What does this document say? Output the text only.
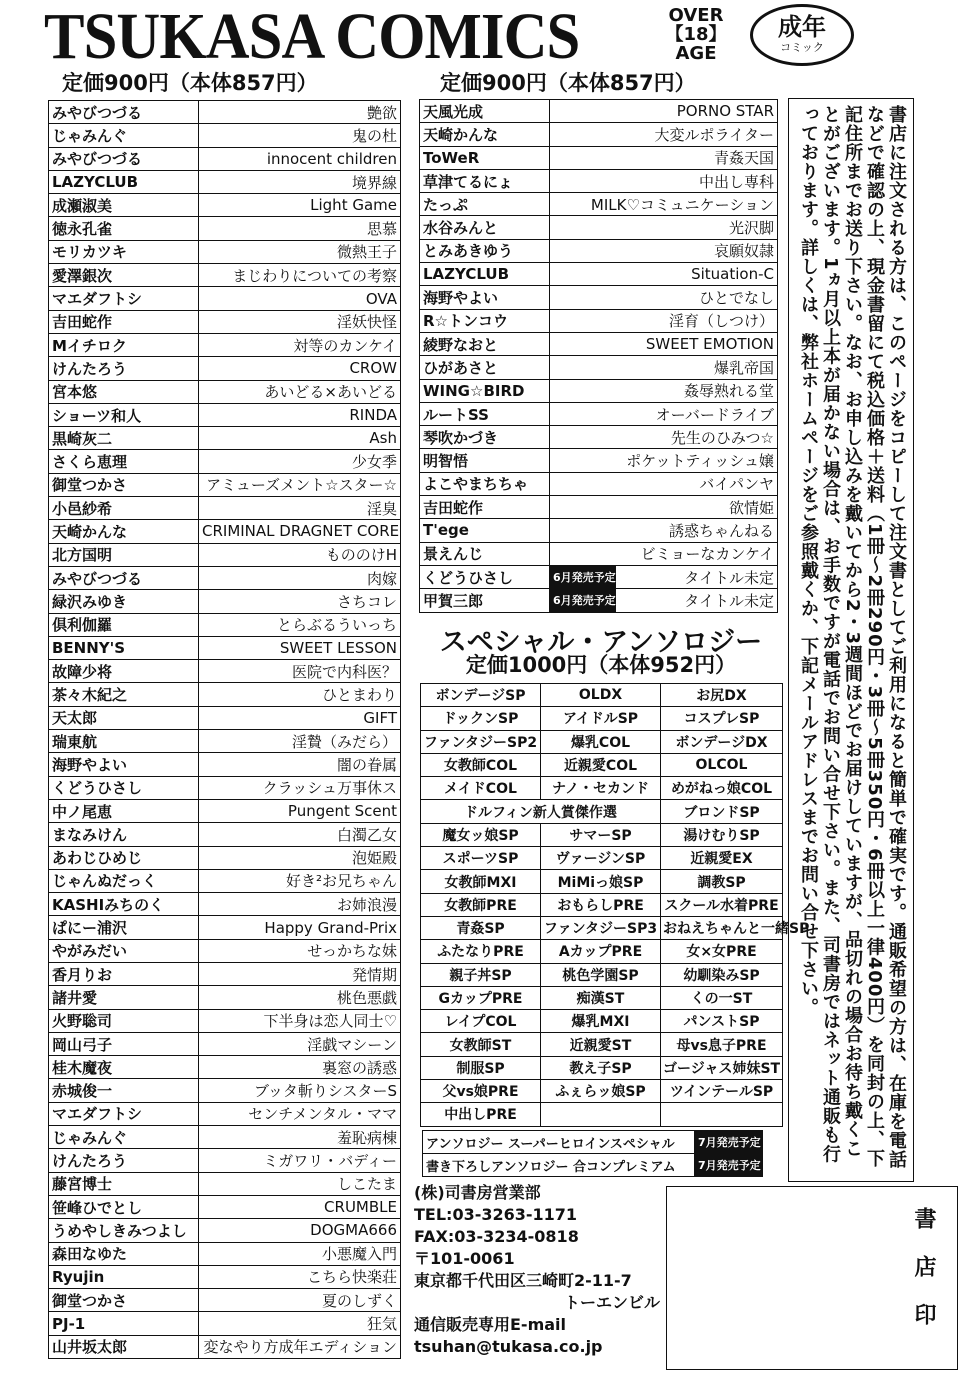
TSUKASA COMICS	OVER
【18】
AGE
成年
コミック
定価900円（本体857円）	定価900円（本体857円）
みやびつづる	艶欲
じゃみんぐ	鬼の杜
みやびつづる	innocent children
LAZYCLUB	境界線
成瀬淑美	Light Game
徳永孔雀	思慕
モリカツキ	微熱王子
愛澤銀次	まじわりについての考察
マエダフトシ	OVA
吉田蛇作	淫妖快怪
Mイチロク	対等のカンケイ
けんたろう	CROW
宮本悠	あいどる×あいどる
ショーツ和人	RINDA
黒崎灰二	Ash
さくら恵理	少女季
御堂つかさ	アミューズメント☆スター☆
小邑紗希	淫臭
天崎かんな	CRIMINAL DRAGNET CORE
北方国明	もののけH
みやびつづる	肉嫁
緑沢みゆき	さちコレ
倶利伽羅	とらぶるういっち
BENNY'S	SWEET LESSON
故障少将	医院で内科医？
茶々木紀之	ひとまわり
天太郎	GIFT
瑞東航	淫贄（みだら）
海野やよい	闇の眷属
くどうひさし	クラッシュ万事休ス
中ノ尾恵	Pungent Scent
まなみけん	白濁乙女
あわじひめじ	泡姫殿
じゃんぬだっく	好き²お兄ちゃん
KASHIみちのく	お姉浪漫
ぱにー浦沢	Happy Grand-Prix
やがみだい	せっかちな妹
香月りお	発情期
諸井愛	桃色悪戯
火野聡司	下半身は恋人同士♡
岡山弓子	淫戯マシーン
桂木魔夜	裏窓の誘惑
赤城俊一	ブッタ斬りシスターS
マエダフトシ	センチメンタル・ママ
じゃみんぐ	羞恥病棟
けんたろう	ミガワリ・バディー
藤宮博士	しこたま
笹峰ひでとし	CRUMBLE
うめやしきみつよし	DOGMA666
森田なゆた	小悪魔入門
Ryujin	こちら快楽荘
御堂つかさ	夏のしずく
PJ-1	狂気
山井坂太郎	変なやり方成年エディション
天風光成	PORNO STAR	
天崎かんな	大変ルポライター	
ToWeR	青姦天国	
草津てるにょ	中出し専科	
たっぷ	MILK♡コミュニケーション	
水谷みんと	光沢脚	
とみあきゆう	哀願奴隷	
LAZYCLUB	Situation-C	
海野やよい	ひとでなし	
R☆トンコウ	淫育（しつけ）	
綾野なおと	SWEET EMOTION	
ひがあさと	爆乳帝国	
WING☆BIRD	姦辱熟れる堂	
ルートSS	オーバードライブ	
琴吹かづき	先生のひみつ☆	
明智悟	ポケットティッシュ嬢	
よこやまちちゃ	バイパンヤ	
吉田蛇作	欲情姫	
T'ege	誘惑ちゃんねる	
景えんじ	ビミョーなカンケイ	
くどうひさし	6月発売予定	タイトル未定
甲賀三郎	6月発売予定	タイトル未定
スペシャル・アンソロジー
定価1000円（本体952円）
ボンデージSP	OLDX	お尻DX
ドックンSP	アイドルSP	コスプレSP
ファンタジーSP2	爆乳COL	ボンデージDX
女教師COL	近親愛COL	OLCOL
メイドCOL	ナノ・セカンド	めがねっ娘COL
ドルフィン新人賞傑作選		ブロンドSP
魔女ッ娘SP	サマーSP	湯けむりSP
スポーツSP	ヴァージンSP	近親愛EX
女教師MXI	MiMiっ娘SP	調教SP
女教師PRE	おもらしPRE	スクール水着PRE
青姦SP	ファンタジーSP3	おねえちゃんと一緒SP
ふたなりPRE	AカップPRE	女×女PRE
親子丼SP	桃色学園SP	幼馴染みSP
GカップPRE	痴漢ST	くの一ST
レイプCOL	爆乳MXI	パンストSP
女教師ST	近親愛ST	母vs息子PRE
制服SP	教え子SP	ゴージャス姉妹ST
父vs娘PRE	ふぇらッ娘SP	ツインテールSP
中出しPRE		
アンソロジー スーパーヒロインスペシャル	7月発売予定
書き下ろしアンソロジー 合コンプレミアム	7月発売予定	書店に注文される方は、このページをコピーして注文書としてご利用になると簡単で確実です。通販希望の方は、在庫を電話などで確認の上、現金書留にて税込価格＋送料（1冊〜2冊290円・3冊〜5冊350円・6冊以上一律400円）を同封の上、下記住所までお送り下さい。なお、お申し込みを戴いてから2・3週間ほどでお届けしていますが、品切れの場合お待ち戴くことがございます。1ヵ月以上本が届かない場合は、お手数ですが電話でお問い合せ下さい。また、司書房ではネット通販も行っております。詳しくは、弊社ホームページをご参照戴くか、下記メールアドレスまでお問い合せ下さい。
(株)司書房営業部
TEL:03-3263-1171
FAX:03-3234-0818
〒101-0061
東京都千代田区三崎町2-11-7
トーエンビル
通信販売専用E-mail
tsuhan@tukasa.co.jp	書店印
